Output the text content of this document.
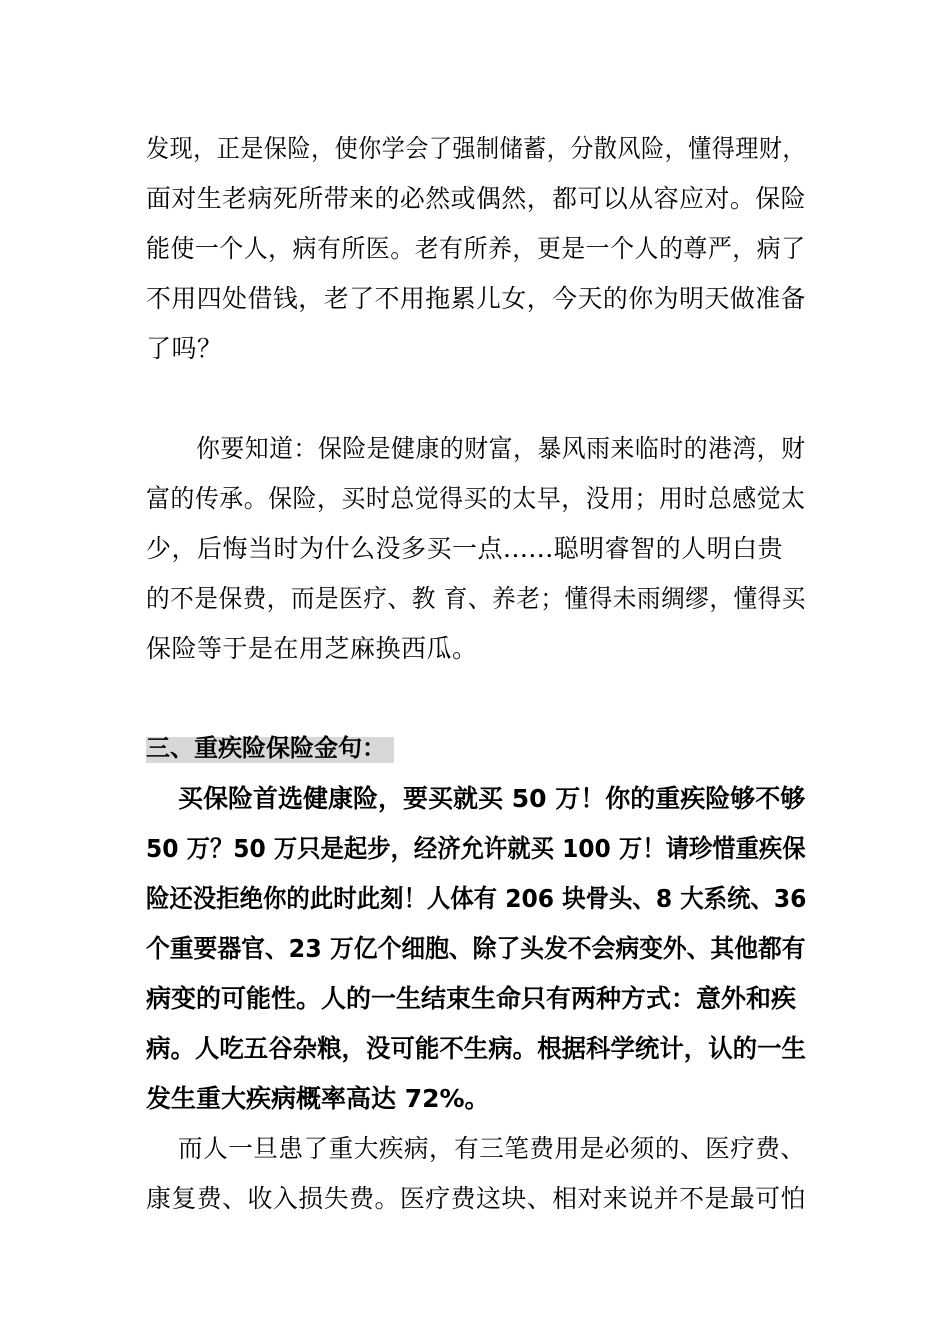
发现，正是保险，使你学会了强制储蓄，分散风险，懂得理财，
面对生老病死所带来的必然或偶然，都可以从容应对。保险
能使一个人，病有所医。老有所养，更是一个人的尊严，病了
不用四处借钱，老了不用拖累儿女，今天的你为明天做准备
了吗？
你要知道：保险是健康的财富，暴风雨来临时的港湾，财
富的传承。保险，买时总觉得买的太早，没用；用时总感觉太
少，后悔当时为什么没多买一点......聪明睿智的人明白贵
的不是保费，而是医疗、教 育、养老；懂得未雨绸缪，懂得买
保险等于是在用芝麻换西瓜。
三、重疾险保险金句：
买保险首选健康险，要买就买 50 万！你的重疾险够不够
50 万？50 万只是起步，经济允许就买 100 万！请珍惜重疾保
险还没拒绝你的此时此刻！人体有 206 块骨头、8 大系统、36
个重要器官、23 万亿个细胞、除了头发不会病变外、其他都有
病变的可能性。人的一生结束生命只有两种方式：意外和疾
病。人吃五谷杂粮，没可能不生病。根据科学统计，认的一生
发生重大疾病概率高达 72%。
而人一旦患了重大疾病，有三笔费用是必须的、医疗费、
康复费、收入损失费。医疗费这块、相对来说并不是最可怕
